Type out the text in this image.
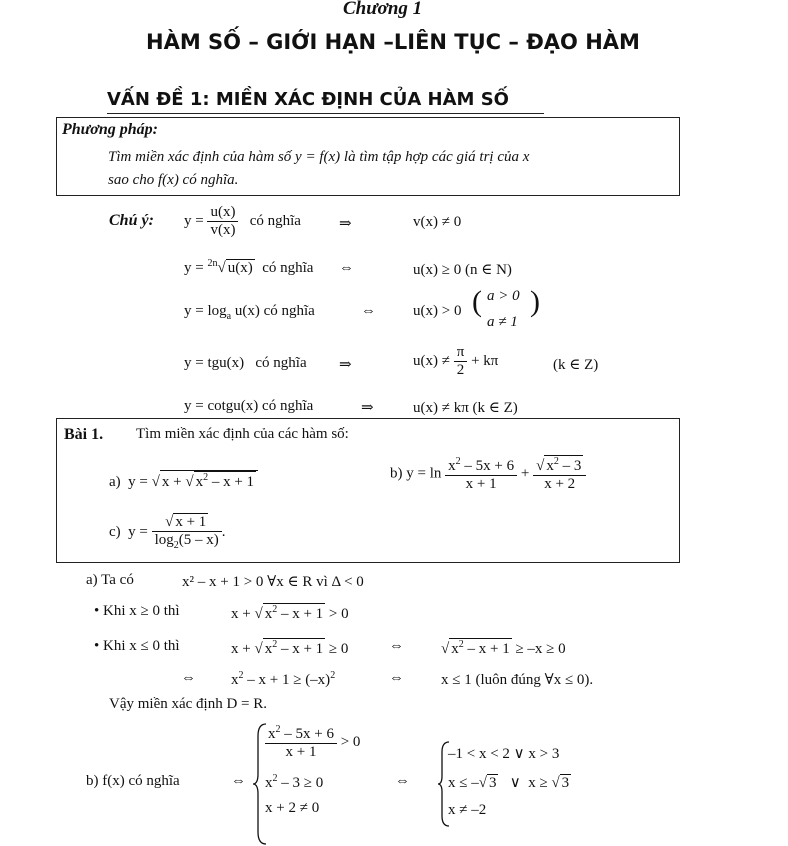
Chương 1
HÀM SỐ – GIỚI HẠN –LIÊN TỤC – ĐẠO HÀM
VẤN ĐỀ 1: MIỀN XÁC ĐỊNH CỦA HÀM SỐ
Phương pháp:
Tìm miền xác định của hàm số y = f(x) là tìm tập hợp các giá trị của x
sao cho f(x) có nghĩa.
Chú ý: $y = \frac{u(x)}{v(x)}$ có nghĩa	⇒	v(x) ≠ 0
y = $^{2n}$ √ u(x) có nghĩa ⇔	u(x) ≥ 0 (n ∈ N)
$y = \log_a u(x)$ có nghĩa	⇔ u(x) > 0 ( a > 0
a ≠ 1
)
y = tgu(x)   có nghĩa ⇒	$u(x) \ne \frac{\pi}{2} + k\pi$	(k ∈ Z)
y = cotgu(x) có nghĩa	⇒	u(x) ≠ kπ (k ∈ Z)
Bài 1. Tìm miền xác định của các hàm số:
a)  y = √ x + √ $x^2 - x + 1$
b) $y = \ln \frac{x^2 - 5x + 6}{x + 1}$ + √ $\frac{x^2 - 3}{x + 2}$
c)  y = √ $\frac{x + 1}{\log_2(5 - x)}$ .
a) Ta có	x² – x + 1 > 0 ∀x ∈ R vì Δ < 0
• Khi x ≥ 0 thì	x + √ $x^2 - x + 1 > 0$
• Khi x ≤ 0 thì	x + √ $x^2 - x + 1 \ge 0$	⇔ √	$x^2 - x + 1 \ge -x \ge 0$
⇔ $x^2 - x + 1 \ge (-x)^2$	⇔ x ≤ 1 (luôn đúng ∀x ≤ 0).
Vậy miền xác định D = R.
b) f(x) có nghĩa	⇔
$\frac{x^2 - 5x + 6}{x + 1} > 0$
$x^2 - 3 \ge 0$
x + 2 ≠ 0
⇔
–1 < x < 2 ∨ x > 3
x ≤ – √ 3   ∨  x ≥ √ 3
x ≠ –2
